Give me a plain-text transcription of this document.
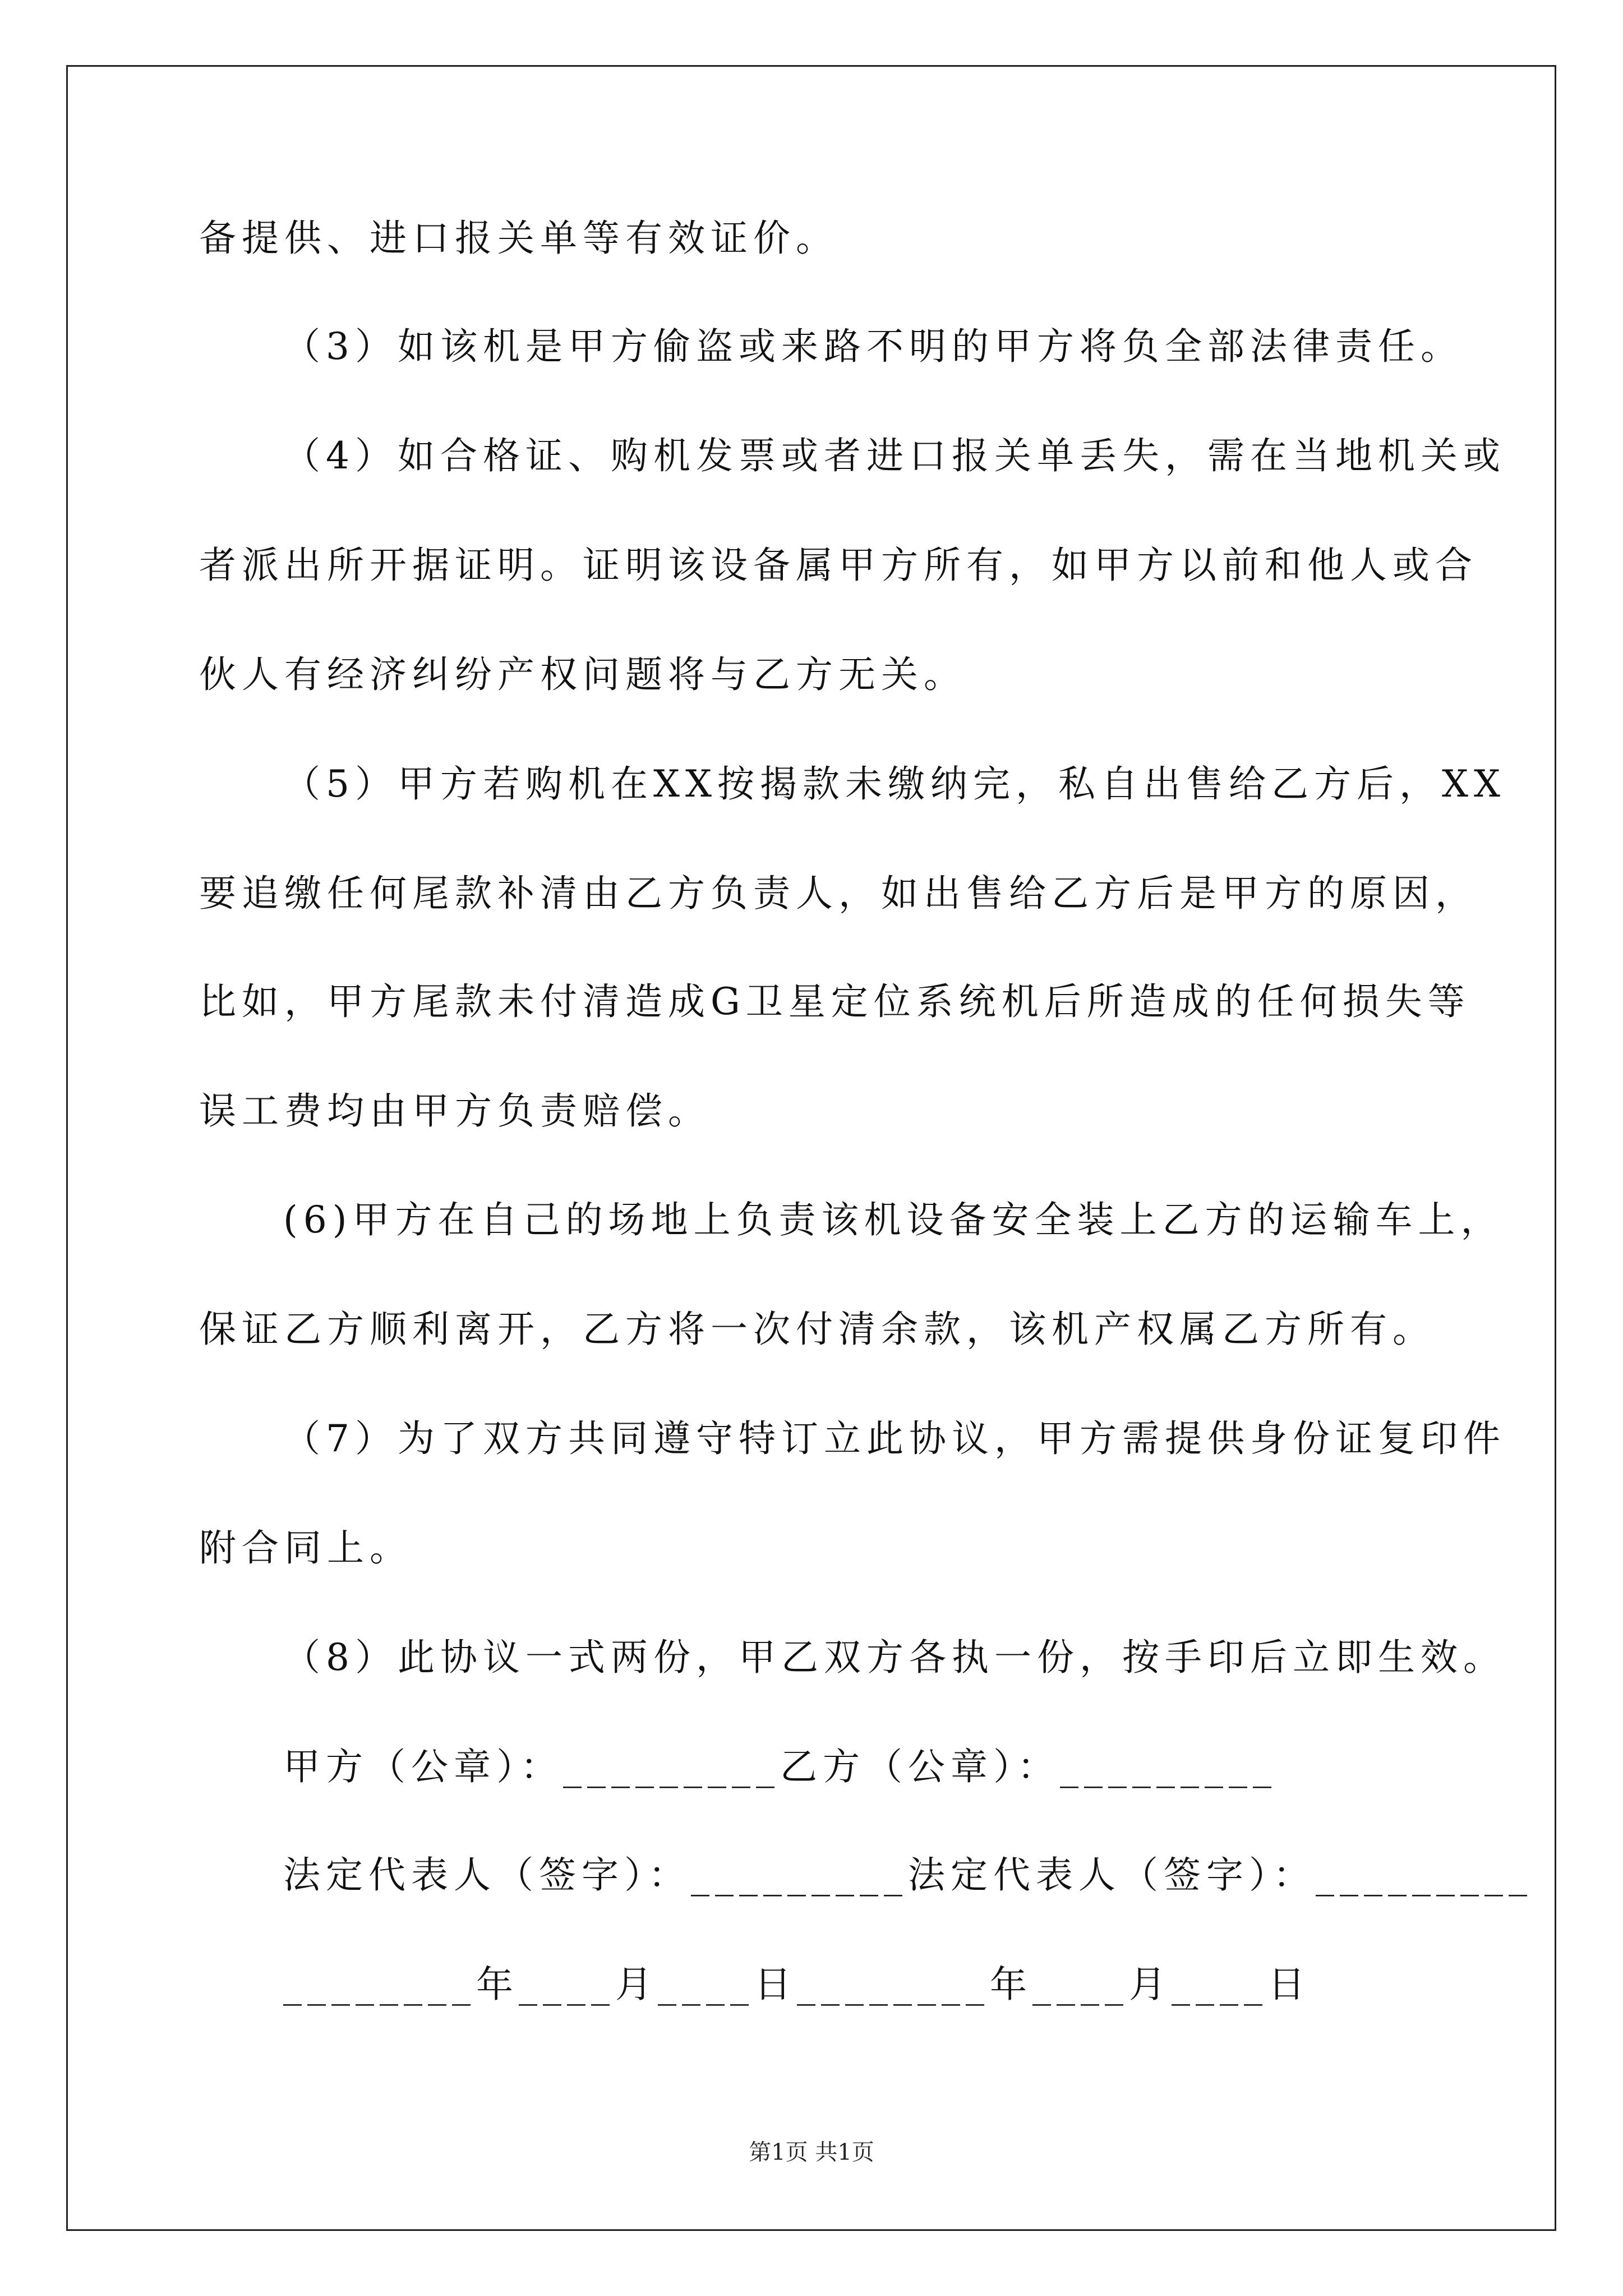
备提供、进口报关单等有效证价。
（3）如该机是甲方偷盗或来路不明的甲方将负全部法律责任。
（4）如合格证、购机发票或者进口报关单丢失，需在当地机关或
者派出所开据证明。证明该设备属甲方所有，如甲方以前和他人或合
伙人有经济纠纷产权问题将与乙方无关。
（5）甲方若购机在XX按揭款未缴纳完，私自出售给乙方后，XX
要追缴任何尾款补清由乙方负责人，如出售给乙方后是甲方的原因，
比如，甲方尾款未付清造成G卫星定位系统机后所造成的任何损失等
误工费均由甲方负责赔偿。
(6)甲方在自己的场地上负责该机设备安全装上乙方的运输车上，
保证乙方顺利离开，乙方将一次付清余款，该机产权属乙方所有。
（7）为了双方共同遵守特订立此协议，甲方需提供身份证复印件
附合同上。
（8）此协议一式两份，甲乙双方各执一份，按手印后立即生效。
甲方（公章）：_________乙方（公章）：_________
法定代表人（签字）：_________法定代表人（签字）：_________
________年____月____日________年____月____日
第1页 共1页
